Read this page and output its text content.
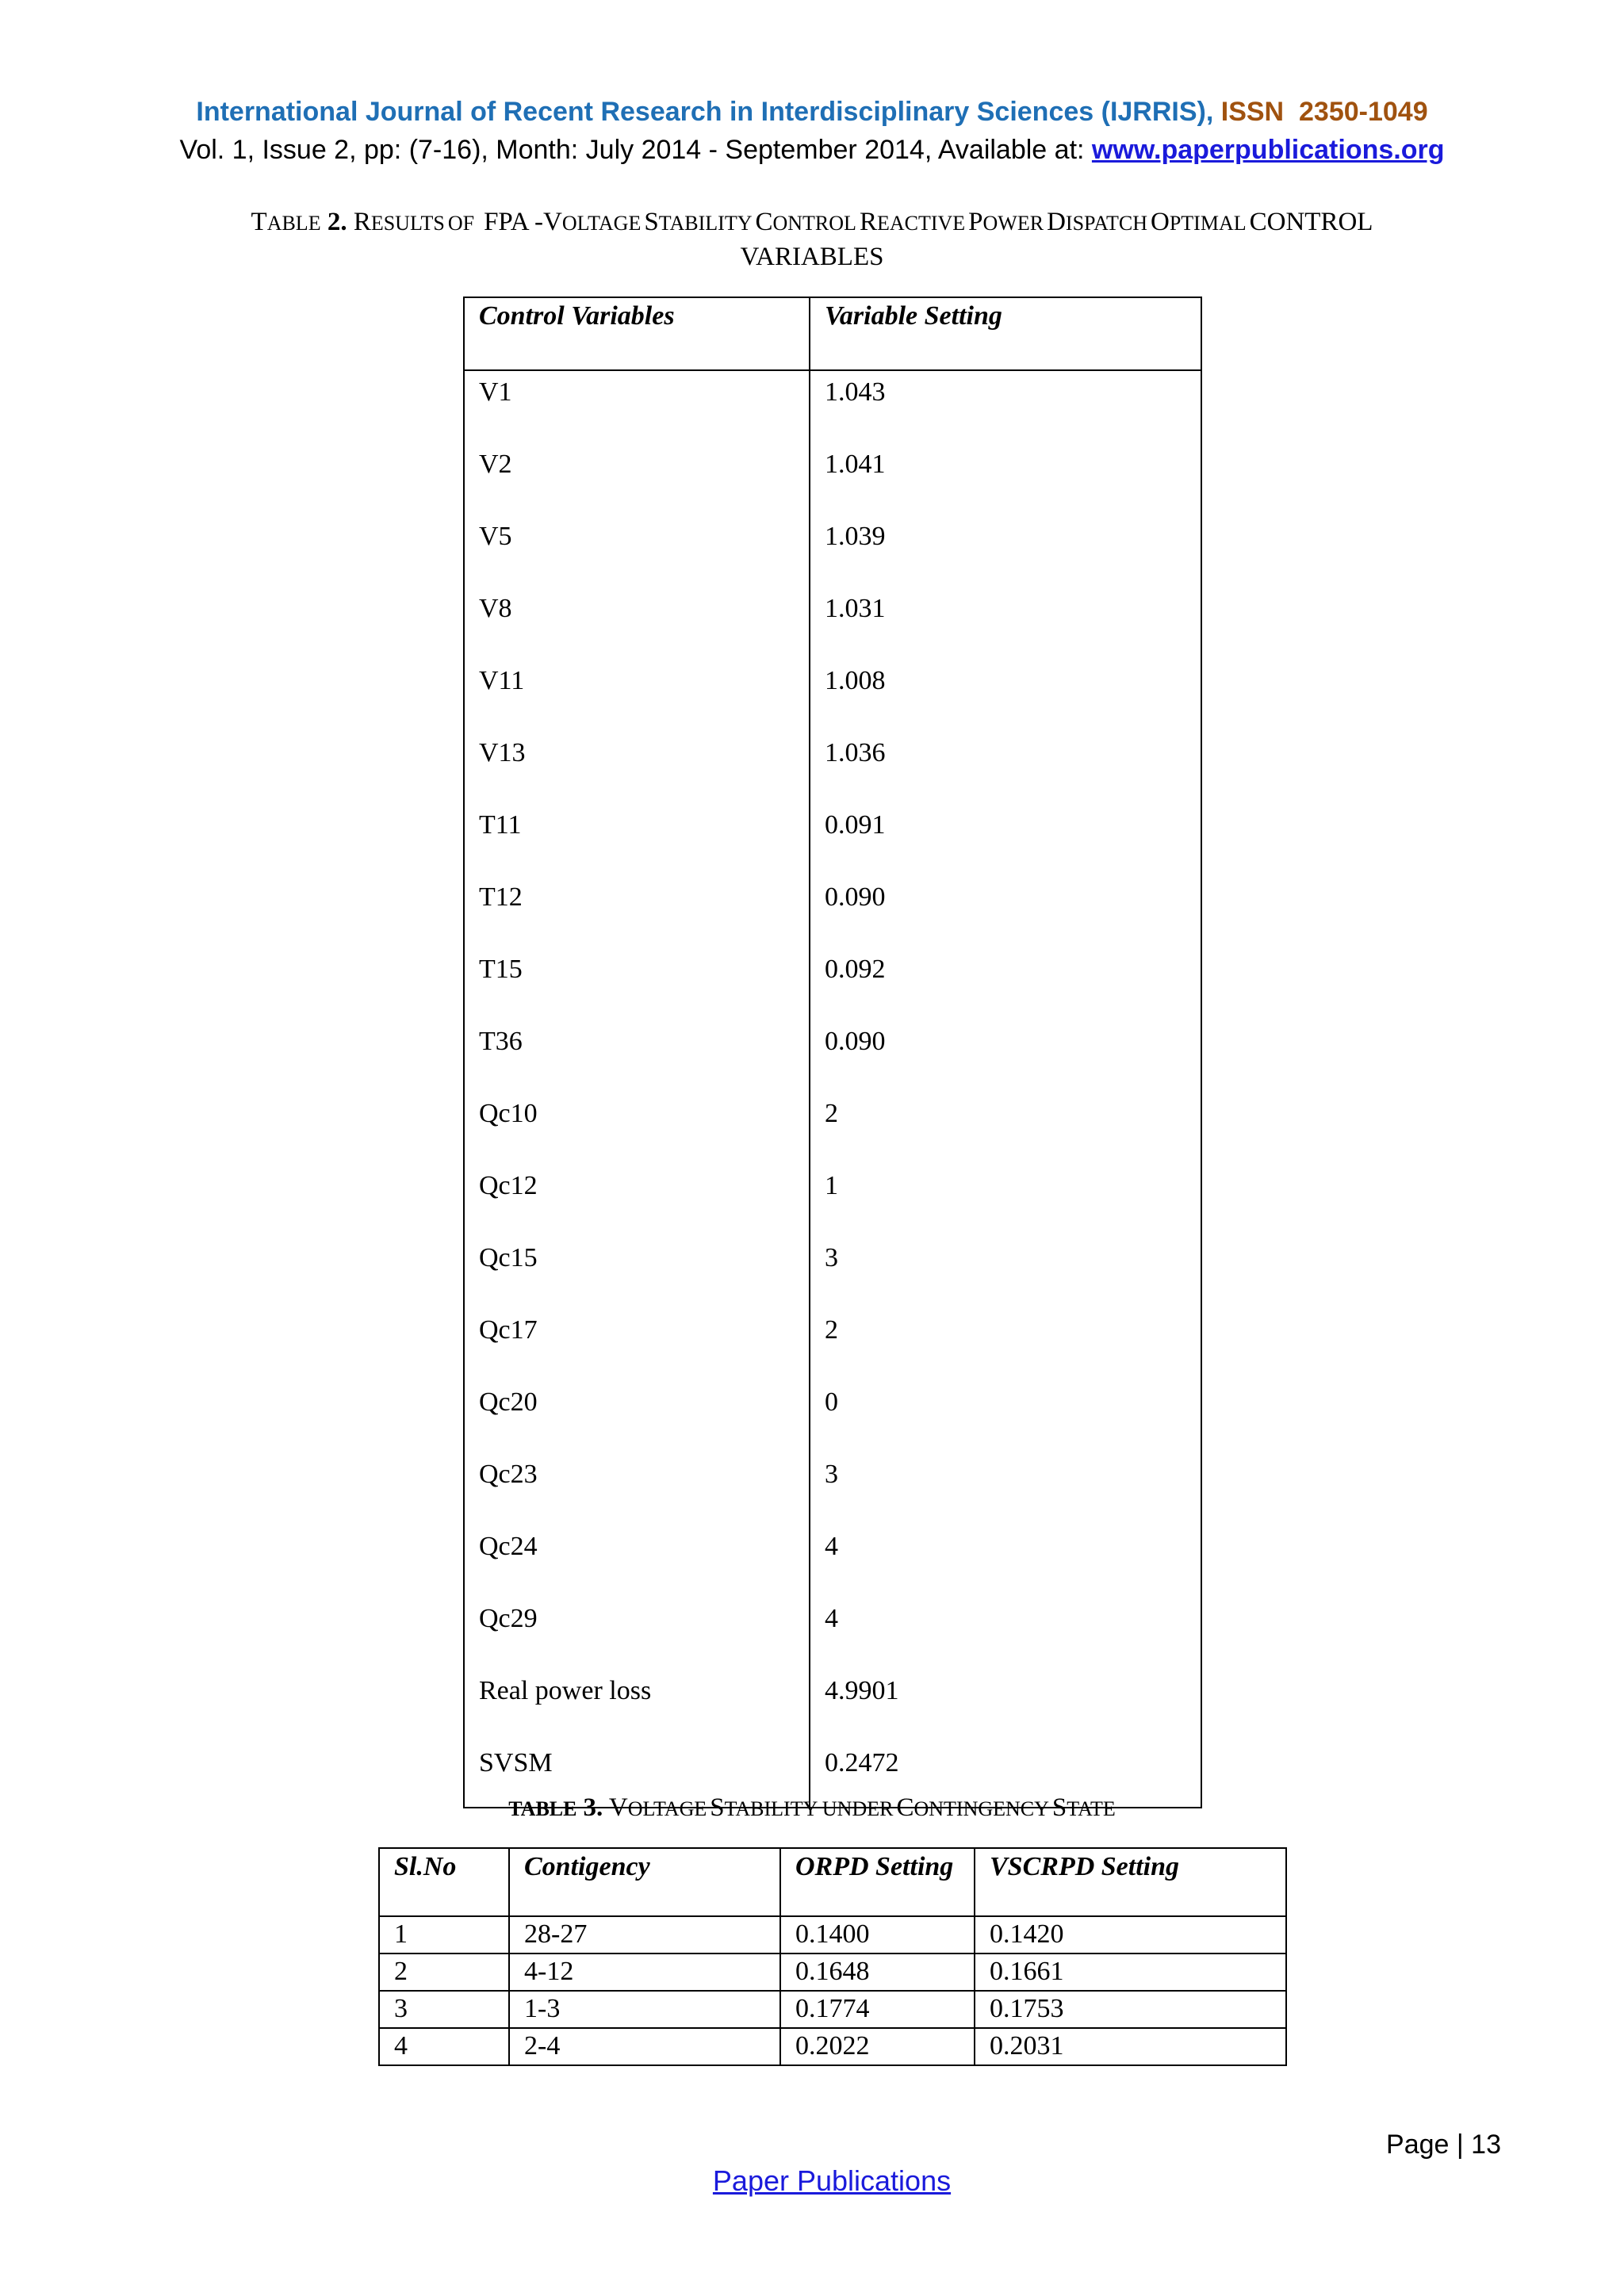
International Journal of Recent Research in Interdisciplinary Sciences (IJRRIS), ISSN 2350-1049
Vol. 1, Issue 2, pp: (7-16), Month: July 2014 - September 2014, Available at: www.paperpublications.org
TABLE 2. RESULTS OF FPA -VOLTAGE STABILITY CONTROL REACTIVE POWER DISPATCH OPTIMAL CONTROL
VARIABLES
Control Variables	Variable Setting
V1	1.043
V2	1.041
V5	1.039
V8	1.031
V11	1.008
V13	1.036
T11	0.091
T12	0.090
T15	0.092
T36	0.090
Qc10	2
Qc12	1
Qc15	3
Qc17	2
Qc20	0
Qc23	3
Qc24	4
Qc29	4
Real power loss	4.9901
SVSM	0.2472
TABLE 3. VOLTAGE STABILITY UNDER CONTINGENCY STATE
Sl.No	Contigency	ORPD Setting	VSCRPD Setting
1	28-27	0.1400	0.1420
2	4-12	0.1648	0.1661
3	1-3	0.1774	0.1753
4	2-4	0.2022	0.2031
Page | 13
Paper Publications
